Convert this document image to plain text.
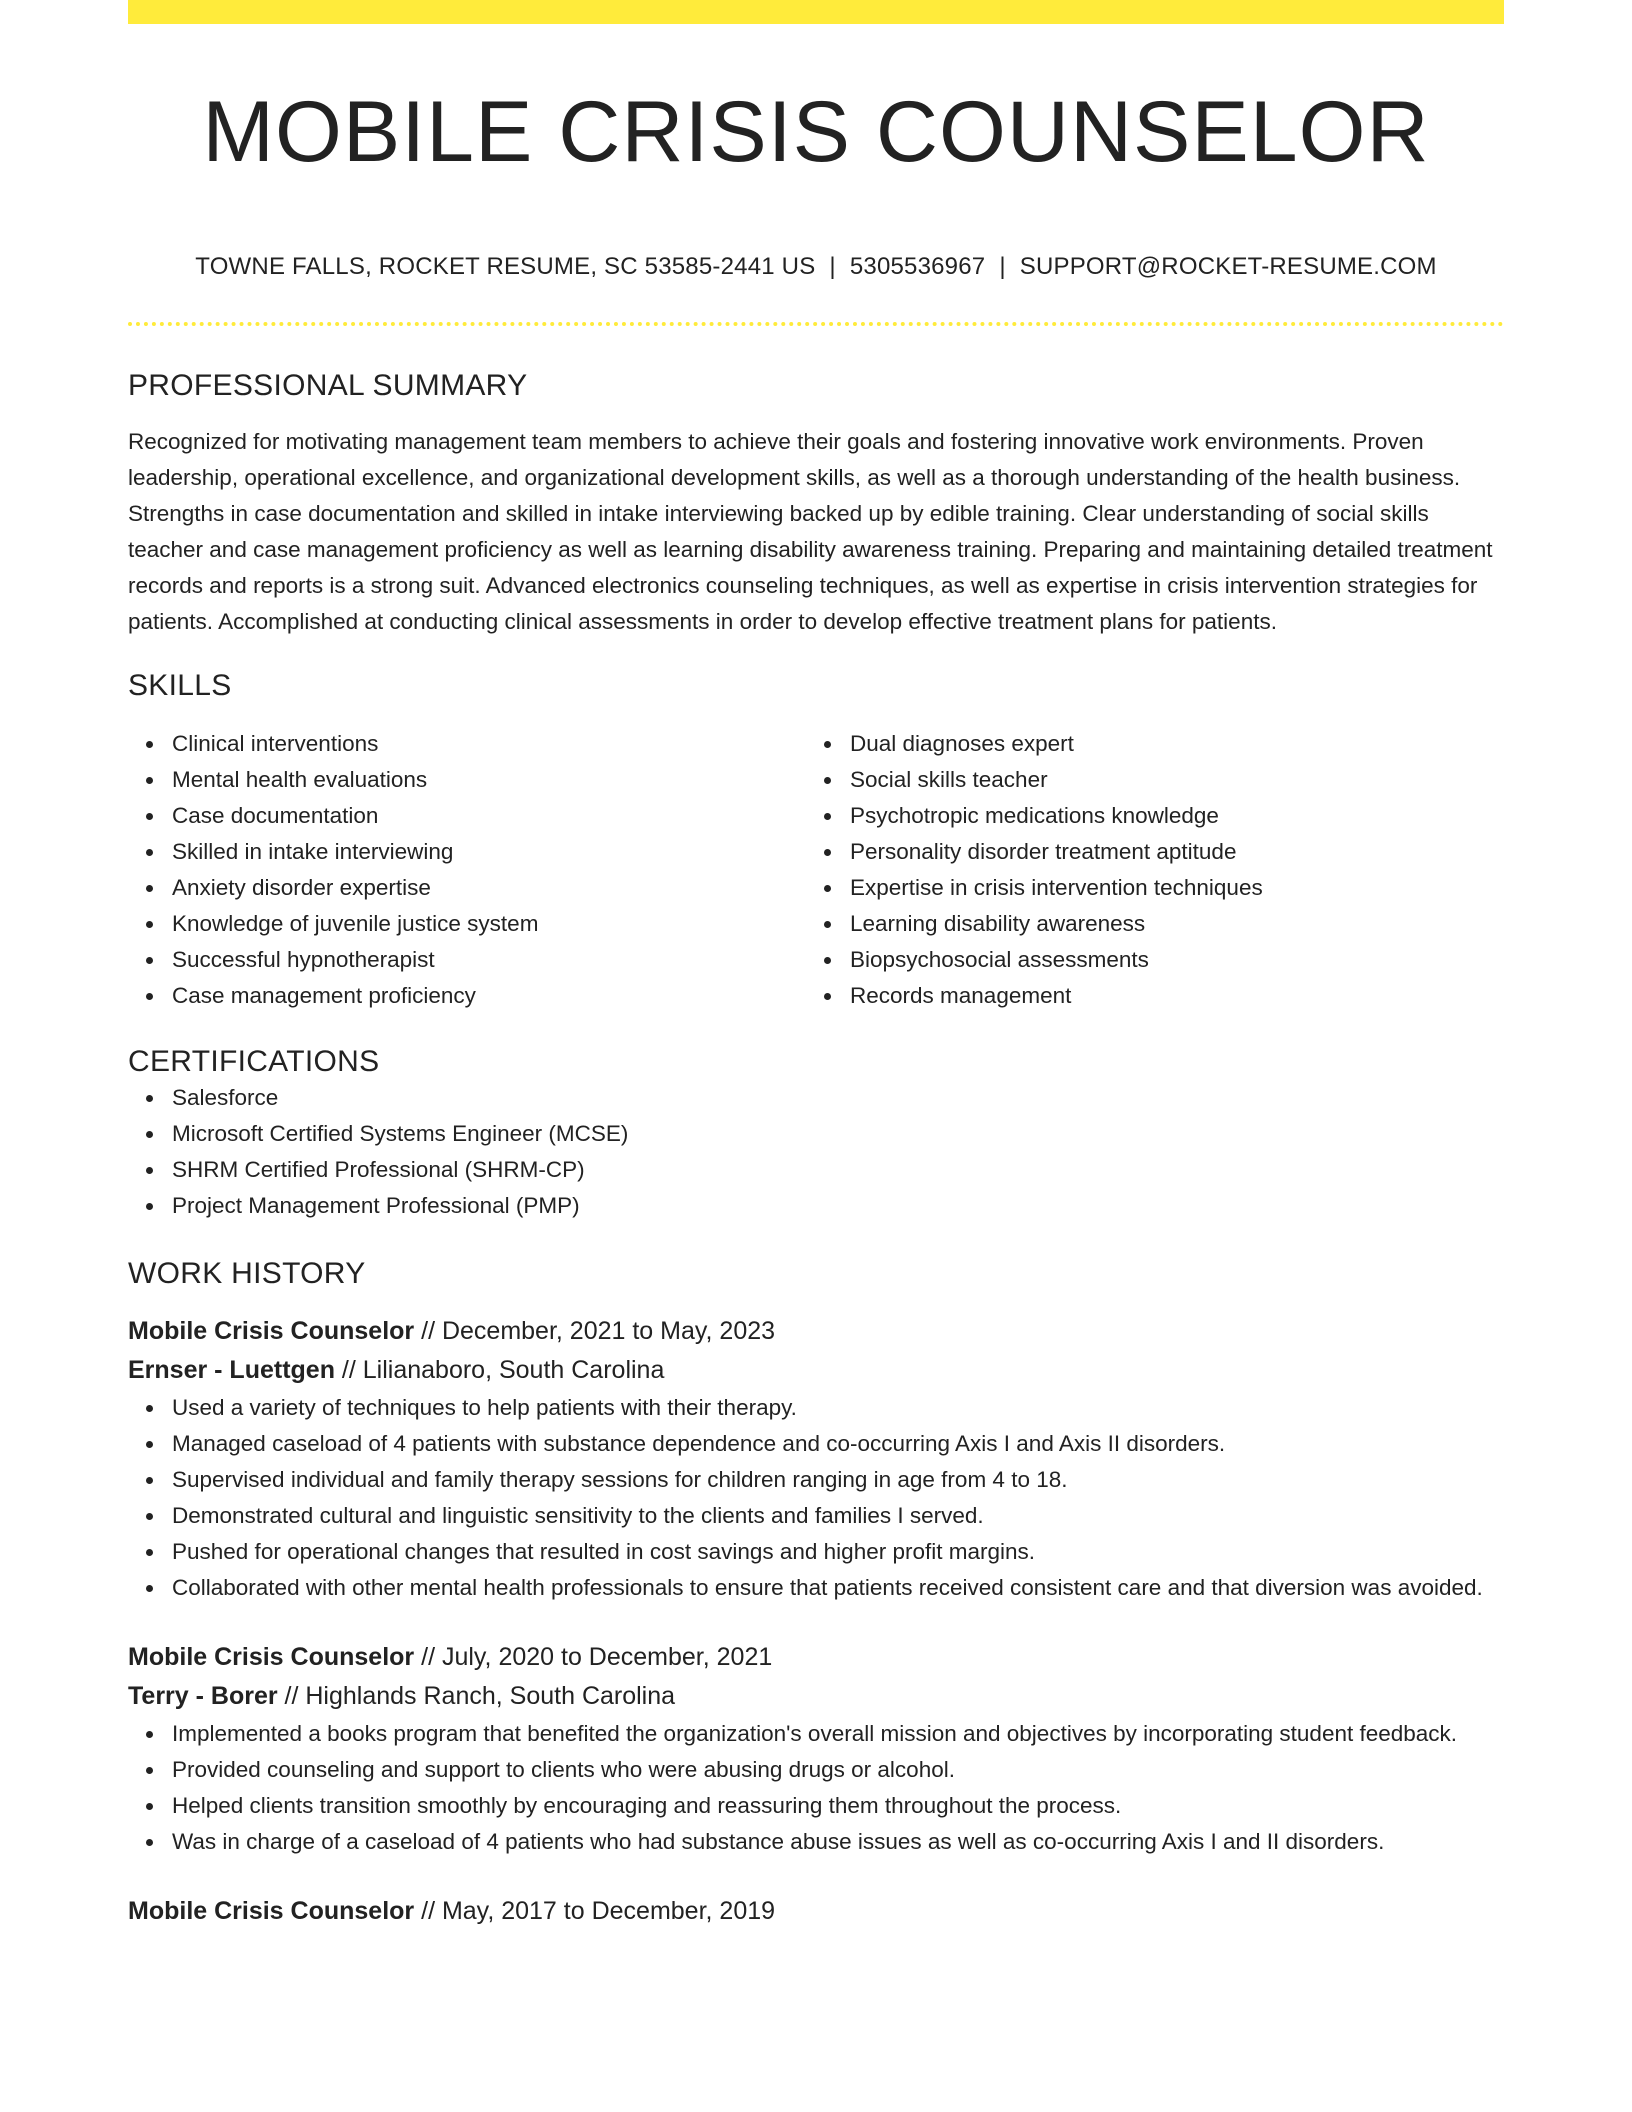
MOBILE CRISIS COUNSELOR
TOWNE FALLS, ROCKET RESUME, SC 53585-2441 US | 5305536967 | SUPPORT@ROCKET-RESUME.COM
PROFESSIONAL SUMMARY
Recognized for motivating management team members to achieve their goals and fostering innovative work environments. Proven leadership, operational excellence, and organizational development skills, as well as a thorough understanding of the health business. Strengths in case documentation and skilled in intake interviewing backed up by edible training. Clear understanding of social skills teacher and case management proficiency as well as learning disability awareness training. Preparing and maintaining detailed treatment records and reports is a strong suit. Advanced electronics counseling techniques, as well as expertise in crisis intervention strategies for patients. Accomplished at conducting clinical assessments in order to develop effective treatment plans for patients.
SKILLS
Clinical interventions
Mental health evaluations
Case documentation
Skilled in intake interviewing
Anxiety disorder expertise
Knowledge of juvenile justice system
Successful hypnotherapist
Case management proficiency
Dual diagnoses expert
Social skills teacher
Psychotropic medications knowledge
Personality disorder treatment aptitude
Expertise in crisis intervention techniques
Learning disability awareness
Biopsychosocial assessments
Records management
CERTIFICATIONS
Salesforce
Microsoft Certified Systems Engineer (MCSE)
SHRM Certified Professional (SHRM-CP)
Project Management Professional (PMP)
WORK HISTORY
Mobile Crisis Counselor // December, 2021 to May, 2023
Ernser - Luettgen // Lilianaboro, South Carolina
Used a variety of techniques to help patients with their therapy.
Managed caseload of 4 patients with substance dependence and co-occurring Axis I and Axis II disorders.
Supervised individual and family therapy sessions for children ranging in age from 4 to 18.
Demonstrated cultural and linguistic sensitivity to the clients and families I served.
Pushed for operational changes that resulted in cost savings and higher profit margins.
Collaborated with other mental health professionals to ensure that patients received consistent care and that diversion was avoided.
Mobile Crisis Counselor // July, 2020 to December, 2021
Terry - Borer // Highlands Ranch, South Carolina
Implemented a books program that benefited the organization's overall mission and objectives by incorporating student feedback.
Provided counseling and support to clients who were abusing drugs or alcohol.
Helped clients transition smoothly by encouraging and reassuring them throughout the process.
Was in charge of a caseload of 4 patients who had substance abuse issues as well as co-occurring Axis I and II disorders.
Mobile Crisis Counselor // May, 2017 to December, 2019
